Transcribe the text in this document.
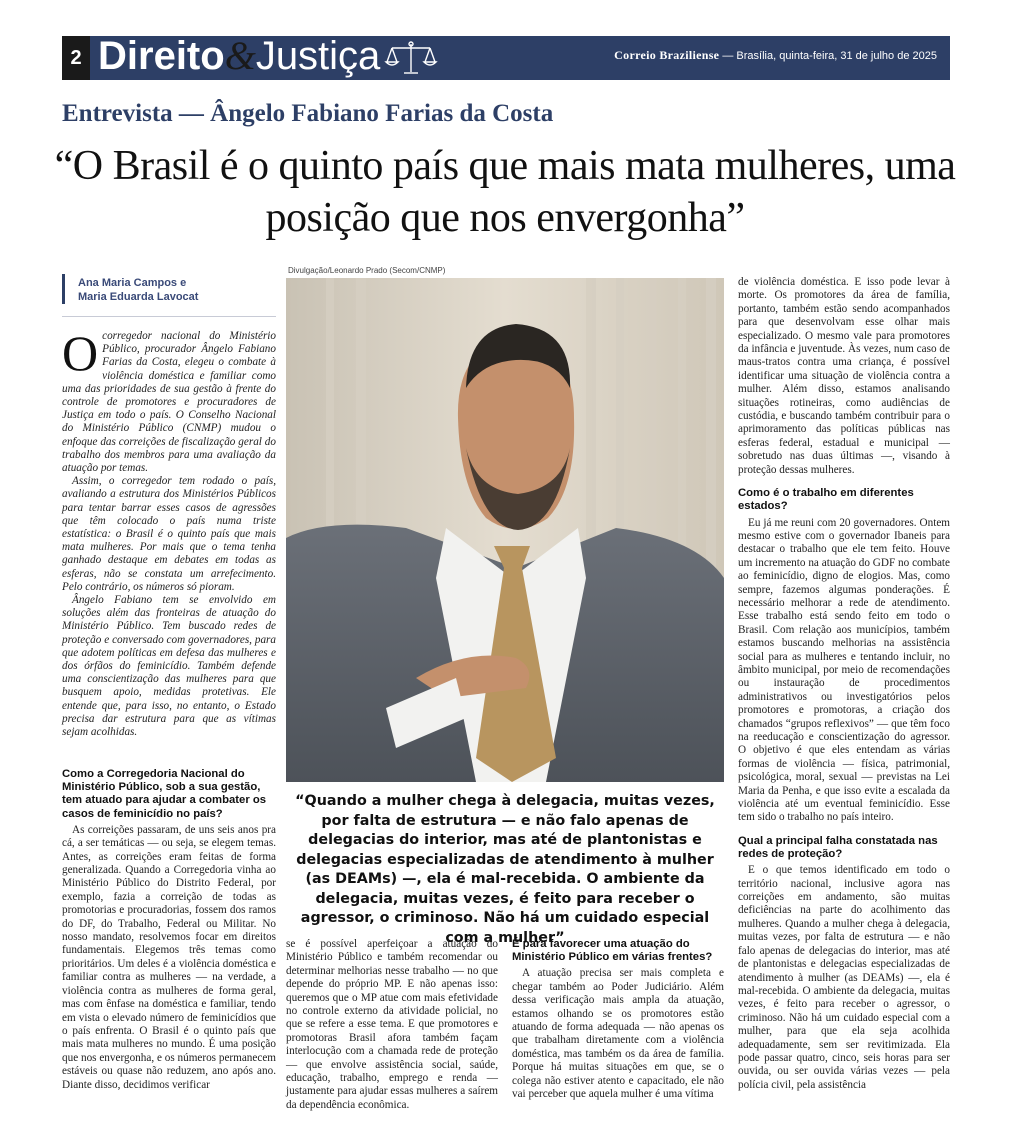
2 Direito&Justiça	Correio Braziliense — Brasília, quinta-feira, 31 de julho de 2025
Entrevista — Ângelo Fabiano Farias da Costa
“O Brasil é o quinto país que mais mata mulheres, uma posição que nos envergonha”
Ana Maria Campos e
Maria Eduarda Lavocat

Ocorregedor nacional do Ministério Público, procurador Ângelo Fabiano Farias da Costa, elegeu o combate à violência doméstica e familiar como uma das prioridades de sua gestão à frente do controle de promotores e procuradores de Justiça em todo o país. O Conselho Nacional do Ministério Público (CNMP) mudou o enfoque das correições de fiscalização geral do trabalho dos membros para uma avaliação da atuação por temas.

Assim, o corregedor tem rodado o país, avaliando a estrutura dos Ministérios Públicos para tentar barrar esses casos de agressões que têm colocado o país numa triste estatística: o Brasil é o quinto país que mais mata mulheres. Por mais que o tema tenha ganhado destaque em debates em todas as esferas, não se constata um arrefecimento. Pelo contrário, os números só pioram.

Ângelo Fabiano tem se envolvido em soluções além das fronteiras de atuação do Ministério Público. Tem buscado redes de proteção e conversado com governadores, para que adotem políticas em defesa das mulheres e dos órfãos do feminicídio. Também defende uma conscientização das mulheres para que busquem apoio, medidas protetivas. Ele entende que, para isso, no entanto, o Estado precisa dar estrutura para que as vítimas sejam acolhidas.

Como a Corregedoria Nacional do Ministério Público, sob a sua gestão, tem atuado para ajudar a combater os casos de feminicídio no país?

As correições passaram, de uns seis anos pra cá, a ser temáticas — ou seja, se elegem temas. Antes, as correições eram feitas de forma generalizada. Quando a Corregedoria vinha ao Ministério Público do Distrito Federal, por exemplo, fazia a correição de todas as promotorias e procuradorias, fossem dos ramos do DF, do Trabalho, Federal ou Militar. No nosso mandato, resolvemos focar em direitos fundamentais. Elegemos três temas como prioritários. Um deles é a violência doméstica e familiar contra as mulheres — na verdade, a violência contra as mulheres de forma geral, mas com ênfase na doméstica e familiar, tendo em vista o elevado número de feminicídios que o país enfrenta. O Brasil é o quinto país que mais mata mulheres no mundo. É uma posição que nos envergonha, e os números permanecem estáveis ou quase não reduzem, ano após ano. Diante disso, decidimos verificar

Divulgação/Leonardo Prado (Secom/CNMP)
“Quando a mulher chega à delegacia, muitas vezes, por falta de estrutura — e não falo apenas de delegacias do interior, mas até de plantonistas e delegacias especializadas de atendimento à mulher (as DEAMs) —, ela é mal-recebida. O ambiente da delegacia, muitas vezes, é feito para receber o agressor, o criminoso. Não há um cuidado especial com a mulher”

se é possível aperfeiçoar a atuação do Ministério Público e também recomendar ou determinar melhorias nesse trabalho — no que depende do próprio MP. E não apenas isso: queremos que o MP atue com mais efetividade no controle externo da atividade policial, no que se refere a esse tema. E que promotores e promotoras Brasil afora também façam interlocução com a chamada rede de proteção — que envolve assistência social, saúde, educação, trabalho, emprego e renda — justamente para ajudar essas mulheres a saírem da dependência econômica.

É para favorecer uma atuação do Ministério Público em várias frentes?

A atuação precisa ser mais completa e chegar também ao Poder Judiciário. Além dessa verificação mais ampla da atuação, estamos olhando se os promotores estão atuando de forma adequada — não apenas os que trabalham diretamente com a violência doméstica, mas também os da área de família. Porque há muitas situações em que, se o colega não estiver atento e capacitado, ele não vai perceber que aquela mulher é uma vítima

de violência doméstica. E isso pode levar à morte. Os promotores da área de família, portanto, também estão sendo acompanhados para que desenvolvam esse olhar mais especializado. O mesmo vale para promotores da infância e juventude. Às vezes, num caso de maus-tratos contra uma criança, é possível identificar uma situação de violência contra a mulher. Além disso, estamos analisando situações rotineiras, como audiências de custódia, e buscando também contribuir para o aprimoramento das políticas públicas nas esferas federal, estadual e municipal — sobretudo nas duas últimas —, visando à proteção dessas mulheres.

Como é o trabalho em diferentes estados?

Eu já me reuni com 20 governadores. Ontem mesmo estive com o governador Ibaneis para destacar o trabalho que ele tem feito. Houve um incremento na atuação do GDF no combate ao feminicídio, digno de elogios. Mas, como sempre, fazemos algumas ponderações. É necessário melhorar a rede de atendimento. Esse trabalho está sendo feito em todo o Brasil. Com relação aos municípios, também estamos buscando melhorias na assistência social para as mulheres e tentando incluir, no âmbito municipal, por meio de recomendações ou instauração de procedimentos administrativos ou investigatórios pelos promotores e promotoras, a criação dos chamados “grupos reflexivos” — que têm foco na reeducação e conscientização do agressor. O objetivo é que eles entendam as várias formas de violência — física, patrimonial, psicológica, moral, sexual — previstas na Lei Maria da Penha, e que isso evite a escalada da violência até um eventual feminicídio. Esse tem sido o trabalho no país inteiro.

Qual a principal falha constatada nas redes de proteção?

E o que temos identificado em todo o território nacional, inclusive agora nas correições em andamento, são muitas deficiências na parte do acolhimento das mulheres. Quando a mulher chega à delegacia, muitas vezes, por falta de estrutura — e não falo apenas de delegacias do interior, mas até de plantonistas e delegacias especializadas de atendimento à mulher (as DEAMs) —, ela é mal-recebida. O ambiente da delegacia, muitas vezes, é feito para receber o agressor, o criminoso. Não há um cuidado especial com a mulher, para que ela seja acolhida adequadamente, sem ser revitimizada. Ela pode passar quatro, cinco, seis horas para ser ouvida, ou ser ouvida várias vezes — pela polícia civil, pela assistência
